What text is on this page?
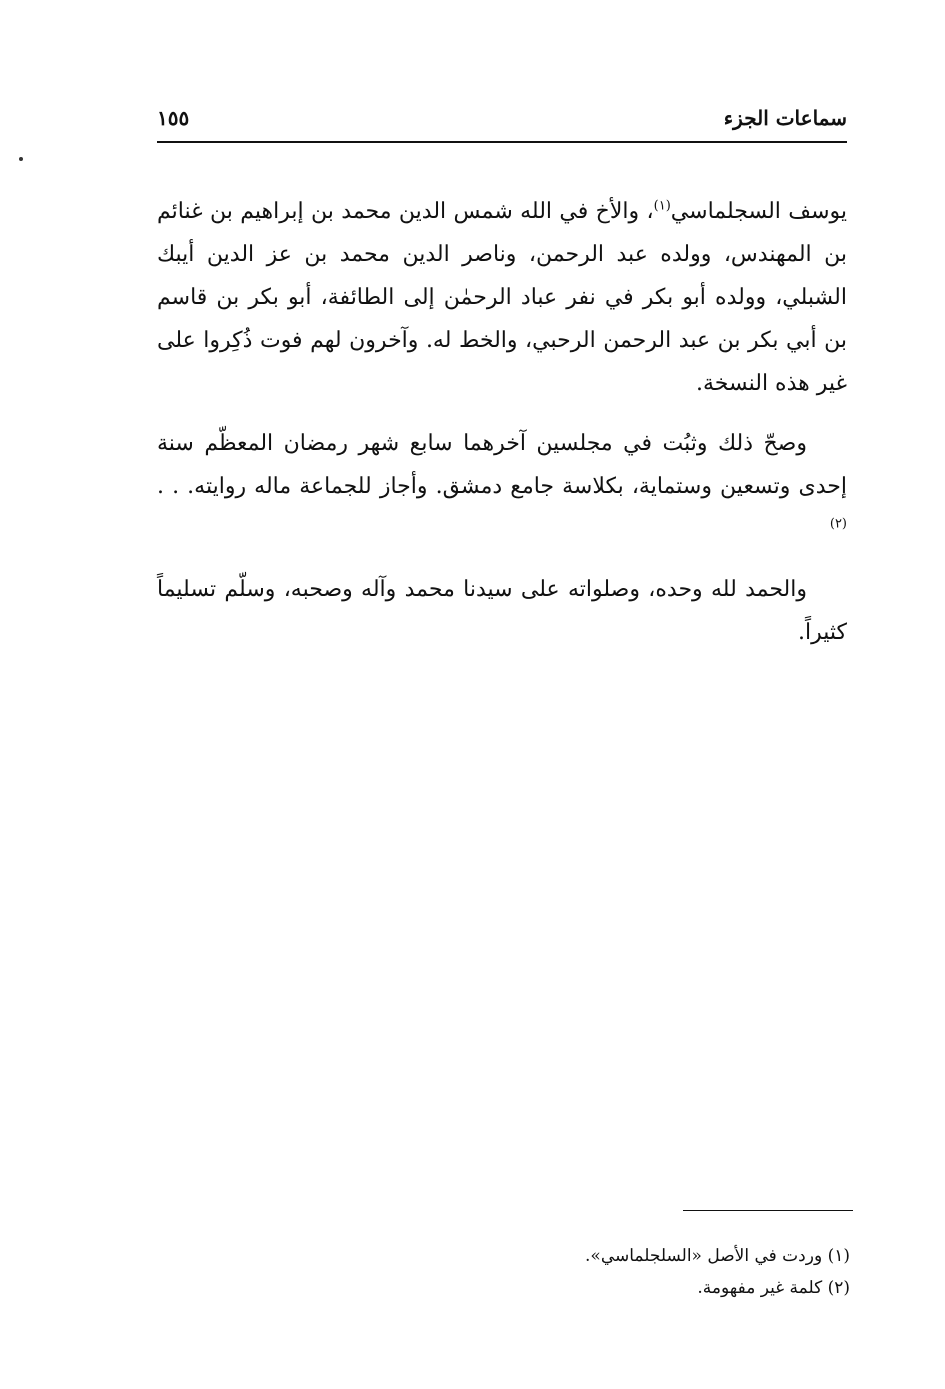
سماعات الجزء
١٥٥

يوسف السجلماسي$^{(١)}$، والأخ في الله شمس الدين محمد بن إبراهيم بن غنائم بن المهندس، وولده عبد الرحمن، وناصر الدين محمد بن عز الدين أيبك الشبلي، وولده أبو بكر في نفر عباد الرحمٰن إلى الطائفة، أبو بكر بن قاسم بن أبي بكر بن عبد الرحمن الرحبي، والخط له. وآخرون لهم فوت ذُكِروا على غير هذه النسخة.

وصحّ ذلك وثبُت في مجلسين آخرهما سابع شهر رمضان المعظّم سنة إحدى وتسعين وستماية، بكلاسة جامع دمشق. وأجاز للجماعة ماله روايته. . . $^{(٢)}$

والحمد لله وحده، وصلواته على سيدنا محمد وآله وصحبه، وسلّم تسليماً كثيراً.

(١) وردت في الأصل «السلجلماسي».

(٢) كلمة غير مفهومة.
